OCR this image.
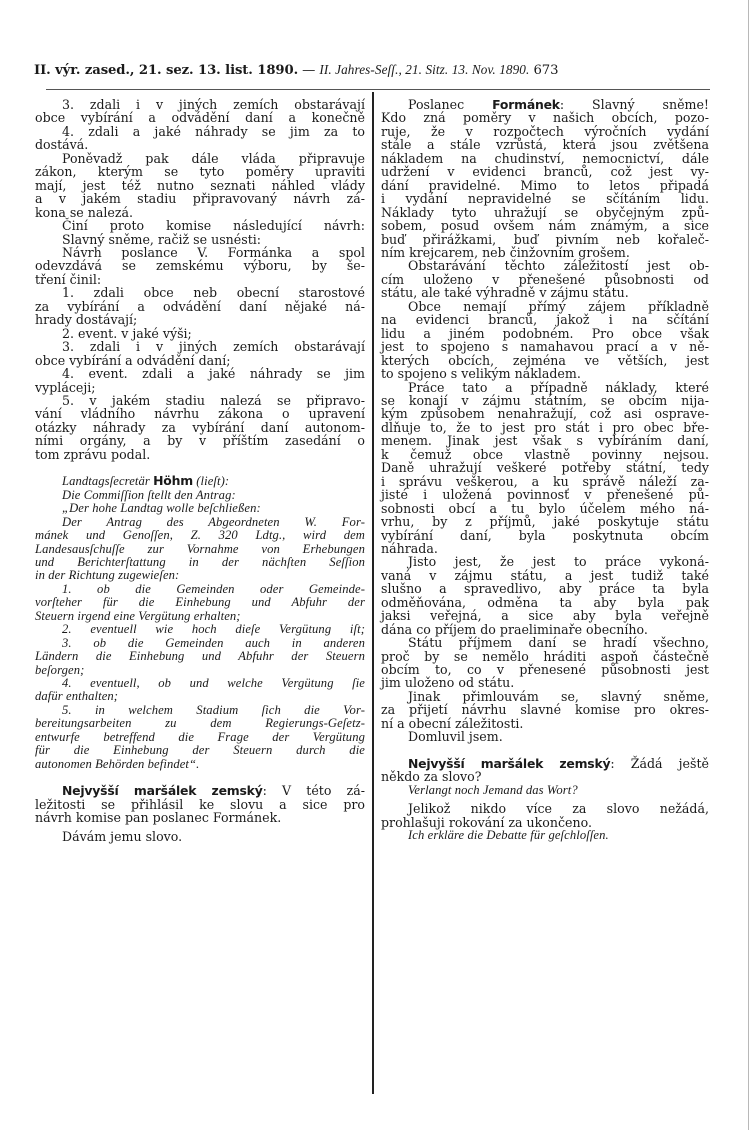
II. výr. zased., 21. sez. 13. list. 1890. — II. Jahres-Seſſ., 21. Sitz. 13. Nov. 1890. 673
3. zdali i v jiných zemích obstarávají
obce vybírání a odvádění daní a konečně
4. zdali a jaké náhrady se jim za to
dostává.
Poněvadž pak dále vláda připravuje
zákon, kterým se tyto poměry upraviti
mají, jest též nutno seznati náhled vlády
a v jakém stadiu připravovaný návrh zá-
kona se nalezá.
Činí proto komise následující návrh:
Slavný sněme, račiž se usnésti:
Návrh poslance V. Formánka a spol
odevzdává se zemskému výboru, by še-
tření činil:
1. zdali obce neb obecní starostové
za vybírání a odvádění daní nějaké ná-
hrady dostávají;
2. event. v jaké výši;
3. zdali i v jiných zemích obstarávají
obce vybírání a odvádění daní;
4. event. zdali a jaké náhrady se jim
vypláceji;
5. v jakém stadiu nalezá se připravo-
vání vládního návrhu zákona o upravení
otázky náhrady za vybírání daní autonom-
ními orgány, a by v příštím zasedání o
tom zprávu podal.
Landtagsſecretär Höhm (lieſt):
Die Commiſſion ſtellt den Antrag:
„Der hohe Landtag wolle beſchließen:
Der Antrag des Abgeordneten W. For-
mánek und Genoſſen, Z. 320 Ldtg., wird dem
Landesausſchuſſe zur Vornahme von Erhebungen
und Berichterſtattung in der nächſten Seſſion
in der Richtung zugewieſen:
1. ob die Gemeinden oder Gemeinde-
vorſteher für die Einhebung und Abfuhr der
Steuern irgend eine Vergütung erhalten;
2. eventuell wie hoch dieſe Vergütung iſt;
3. ob die Gemeinden auch in anderen
Ländern die Einhebung und Abfuhr der Steuern
beſorgen;
4. eventuell, ob und welche Vergütung ſie
dafür enthalten;
5. in welchem Stadium ſich die Vor-
bereitungsarbeiten zu dem Regierungs-Geſetz-
entwurfe betreffend die Frage der Vergütung
für die Einhebung der Steuern durch die
autonomen Behörden befindet“.
Nejvyšší maršálek zemský: V této zá-
ležitosti se přihlásil ke slovu a sice pro
návrh komise pan poslanec Formánek.
Dávám jemu slovo.
Poslanec Formánek: Slavný sněme!
Kdo zná poměry v našich obcích, pozo-
ruje, že v rozpočtech výročních vydání
stále a stále vzrůstá, která jsou zvětšena
nákladem na chudinství, nemocnictví, dále
udržení v evidenci branců, což jest vy-
dání pravidelné. Mimo to letos připadá
i vydání nepravidelné se sčítáním lidu.
Náklady tyto uhražují se obyčejným způ-
sobem, posud ovšem nám známým, a sice
buď přirážkami, buď pivním neb kořaleč-
ním krejcarem, neb činžovním grošem.
Obstarávání těchto záležitostí jest ob-
cím uloženo v přenešené působnosti od
státu, ale také výhradně v zájmu státu.
Obce nemají přímý zájem příkladně
na evidenci branců, jakož i na sčítání
lidu a jiném podobném. Pro obce však
jest to spojeno s namahavou prací a v ně-
kterých obcích, zejména ve větších, jest
to spojeno s velikým nákladem.
Práce tato a případně náklady, které
se konají v zájmu státním, se obcím nija-
kým způsobem nenahražují, což asi osprave-
dlňuje to, že to jest pro stát i pro obec bře-
menem. Jinak jest však s vybíráním daní,
k čemuž obce vlastně povinny nejsou.
Daně uhražují veškeré potřeby státní, tedy
i správu veškerou, a ku správě náleží za-
jisté i uložená povinnosť v přenešené pů-
sobnosti obcí a tu bylo účelem mého ná-
vrhu, by z příjmů, jaké poskytuje státu
vybírání daní, byla poskytnuta obcím
náhrada.
Jisto jest, že jest to práce vykoná-
vaná v zájmu státu, a jest tudiž také
slušno a spravedlivo, aby práce ta byla
odměňována, odměna ta aby byla pak
jaksi veřejná, a sice aby byla veřejně
dána co příjem do praeliminaře obecního.
Státu příjmem daní se hradí všechno,
proč by se nemělo hráditi aspoň částečně
obcím to, co v přenesené působnosti jest
jim uloženo od státu.
Jinak přimlouvám se, slavný sněme,
za přijetí návrhu slavné komise pro okres-
ní a obecní záležitosti.
Domluvil jsem.
Nejvyšší maršálek zemský: Žádá ještě
někdo za slovo?
Verlangt noch Jemand das Wort?
Jelikož nikdo více za slovo nežádá,
prohlašuji rokování za ukončeno.
Ich erkläre die Debatte für geſchloſſen.
